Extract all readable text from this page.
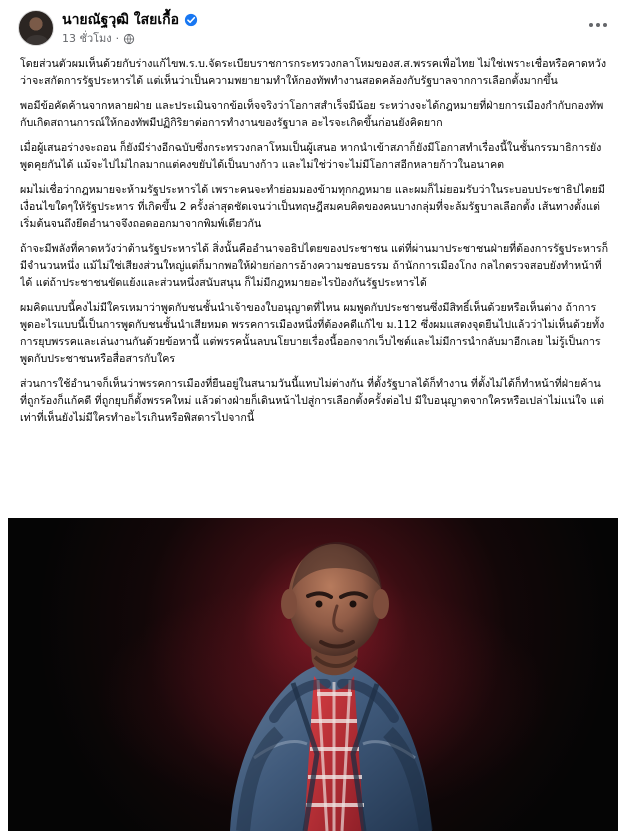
นายณัฐวุฒิ ใสยเกื้อ
13 ชั่วโมง ·

โดยส่วนตัวผมเห็นด้วยกับร่างแก้ไขพ.ร.บ.จัดระเบียบราชการกระทรวงกลาโหมของส.ส.พรรคเพื่อไทย ไม่ใช่เพราะเชื่อหรือคาดหวังว่าจะสกัดการรัฐประหารได้ แต่เห็นว่าเป็นความพยายามทำให้กองทัพทำงานสอดคล้องกับรัฐบาลจากการเลือกตั้งมากขึ้น

พอมีข้อคัดค้านจากหลายฝ่าย และประเมินจากข้อเท็จจริงว่าโอกาสสำเร็จมีน้อย ระหว่างจะได้กฎหมายที่ฝ่ายการเมืองกำกับกองทัพ กับเกิดสถานการณ์ให้กองทัพมีปฏิกิริยาต่อการทำงานของรัฐบาล อะไรจะเกิดขึ้นก่อนยังคิดยาก

เมื่อผู้เสนอร่างจะถอน ก็ยังมีร่างอีกฉบับซึ่งกระทรวงกลาโหมเป็นผู้เสนอ หากนำเข้าสภาก็ยังมีโอกาสทำเรื่องนี้ในชั้นกรรมาธิการยังพูดคุยกันได้ แม้จะไปไม่ไกลมากแต่คงขยับได้เป็นบางก้าว และไม่ใช่ว่าจะไม่มีโอกาสอีกหลายก้าวในอนาคต

ผมไม่เชื่อว่ากฎหมายจะห้ามรัฐประหารได้ เพราะคนจะทำย่อมมองข้ามทุกกฎหมาย และผมก็ไม่ยอมรับว่าในระบอบประชาธิปไตยมีเงื่อนไขใดๆให้รัฐประหาร ที่เกิดขึ้น 2 ครั้งล่าสุดชัดเจนว่าเป็นทฤษฎีสมคบคิดของคนบางกลุ่มที่จะล้มรัฐบาลเลือกตั้ง เส้นทางตั้งแต่เริ่มต้นจนถึงยึดอำนาจจึงถอดออกมาจากพิมพ์เดียวกัน

ถ้าจะมีพลังที่คาดหวังว่าต้านรัฐประหารได้ สิ่งนั้นคืออำนาจอธิปไตยของประชาชน แต่ที่ผ่านมาประชาชนฝ่ายที่ต้องการรัฐประหารก็มีจำนวนหนึ่ง แม้ไม่ใช่เสียงส่วนใหญ่แต่ก็มากพอให้ฝ่ายก่อการอ้างความชอบธรรม ถ้านักการเมืองโกง กลไกตรวจสอบยังทำหน้าที่ได้ แต่ถ้าประชาชนขัดแย้งและส่วนหนึ่งสนับสนุน ก็ไม่มีกฎหมายอะไรป้องกันรัฐประหารได้

ผมคิดแบบนี้คงไม่มีใครเหมาว่าพูดกับชนชั้นนำเจ้าของใบอนุญาตที่ไหน ผมพูดกับประชาชนซึ่งมีสิทธิ์เห็นด้วยหรือเห็นต่าง ถ้าการพูดอะไรแบบนี้เป็นการพูดกับชนชั้นนำเสียหมด พรรคการเมืองหนึ่งที่ต้องคดีแก้ไข ม.112 ซึ่งผมแสดงจุดยืนไปแล้วว่าไม่เห็นด้วยทั้งการยุบพรรคและเล่นงานกันด้วยข้อหานี้ แต่พรรคนั้นลบนโยบายเรื่องนี้ออกจากเว็บไซต์และไม่มีการนำกลับมาอีกเลย ไม่รู้เป็นการพูดกับประชาชนหรือสื่อสารกับใคร

ส่วนการใช้อำนาจก็เห็นว่าพรรคการเมืองที่ยืนอยู่ในสนามวันนี้แทบไม่ต่างกัน ที่ตั้งรัฐบาลได้ก็ทำงาน ที่ตั้งไม่ได้ก็ทำหน้าที่ฝ่ายค้าน ที่ถูกร้องก็แก้คดี ที่ถูกยุบก็ตั้งพรรคใหม่ แล้วต่างฝ่ายก็เดินหน้าไปสู่การเลือกตั้งครั้งต่อไป มีใบอนุญาตจากใครหรือเปล่าไม่แน่ใจ แต่เท่าที่เห็นยังไม่มีใครทำอะไรเกินหรือพิสดารไปจากนี้
